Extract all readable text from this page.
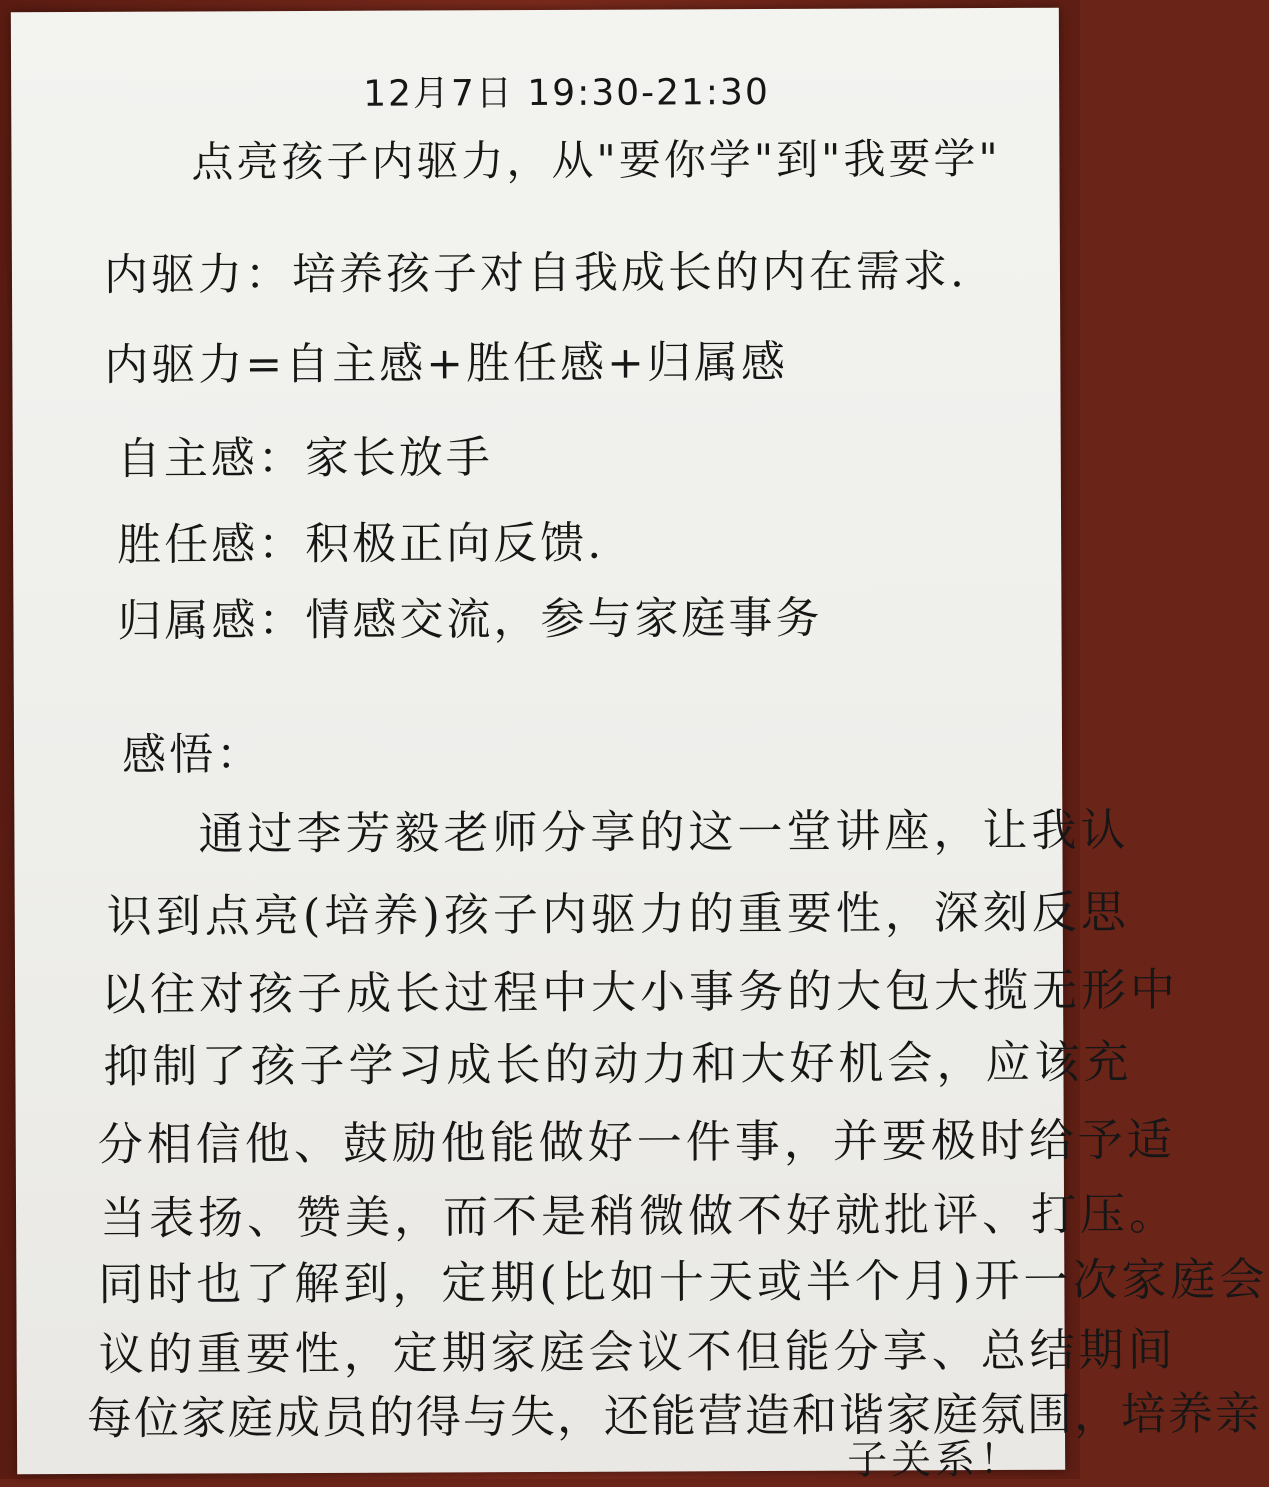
12月7日 19:30-21:30
点亮孩子内驱力，从"要你学"到"我要学"
内驱力：培养孩子对自我成长的内在需求.
内驱力=自主感+胜任感+归属感
自主感：家长放手
胜任感：积极正向反馈.
归属感：情感交流，参与家庭事务
感悟：
通过李芳毅老师分享的这一堂讲座，让我认
识到点亮(培养)孩子内驱力的重要性，深刻反思
以往对孩子成长过程中大小事务的大包大揽无形中
抑制了孩子学习成长的动力和大好机会，应该充
分相信他、鼓励他能做好一件事，并要极时给予适
当表扬、赞美，而不是稍微做不好就批评、打压。
同时也了解到，定期(比如十天或半个月)开一次家庭会
议的重要性，定期家庭会议不但能分享、总结期间
每位家庭成员的得与失，还能营造和谐家庭氛围，培养亲
子关系！
